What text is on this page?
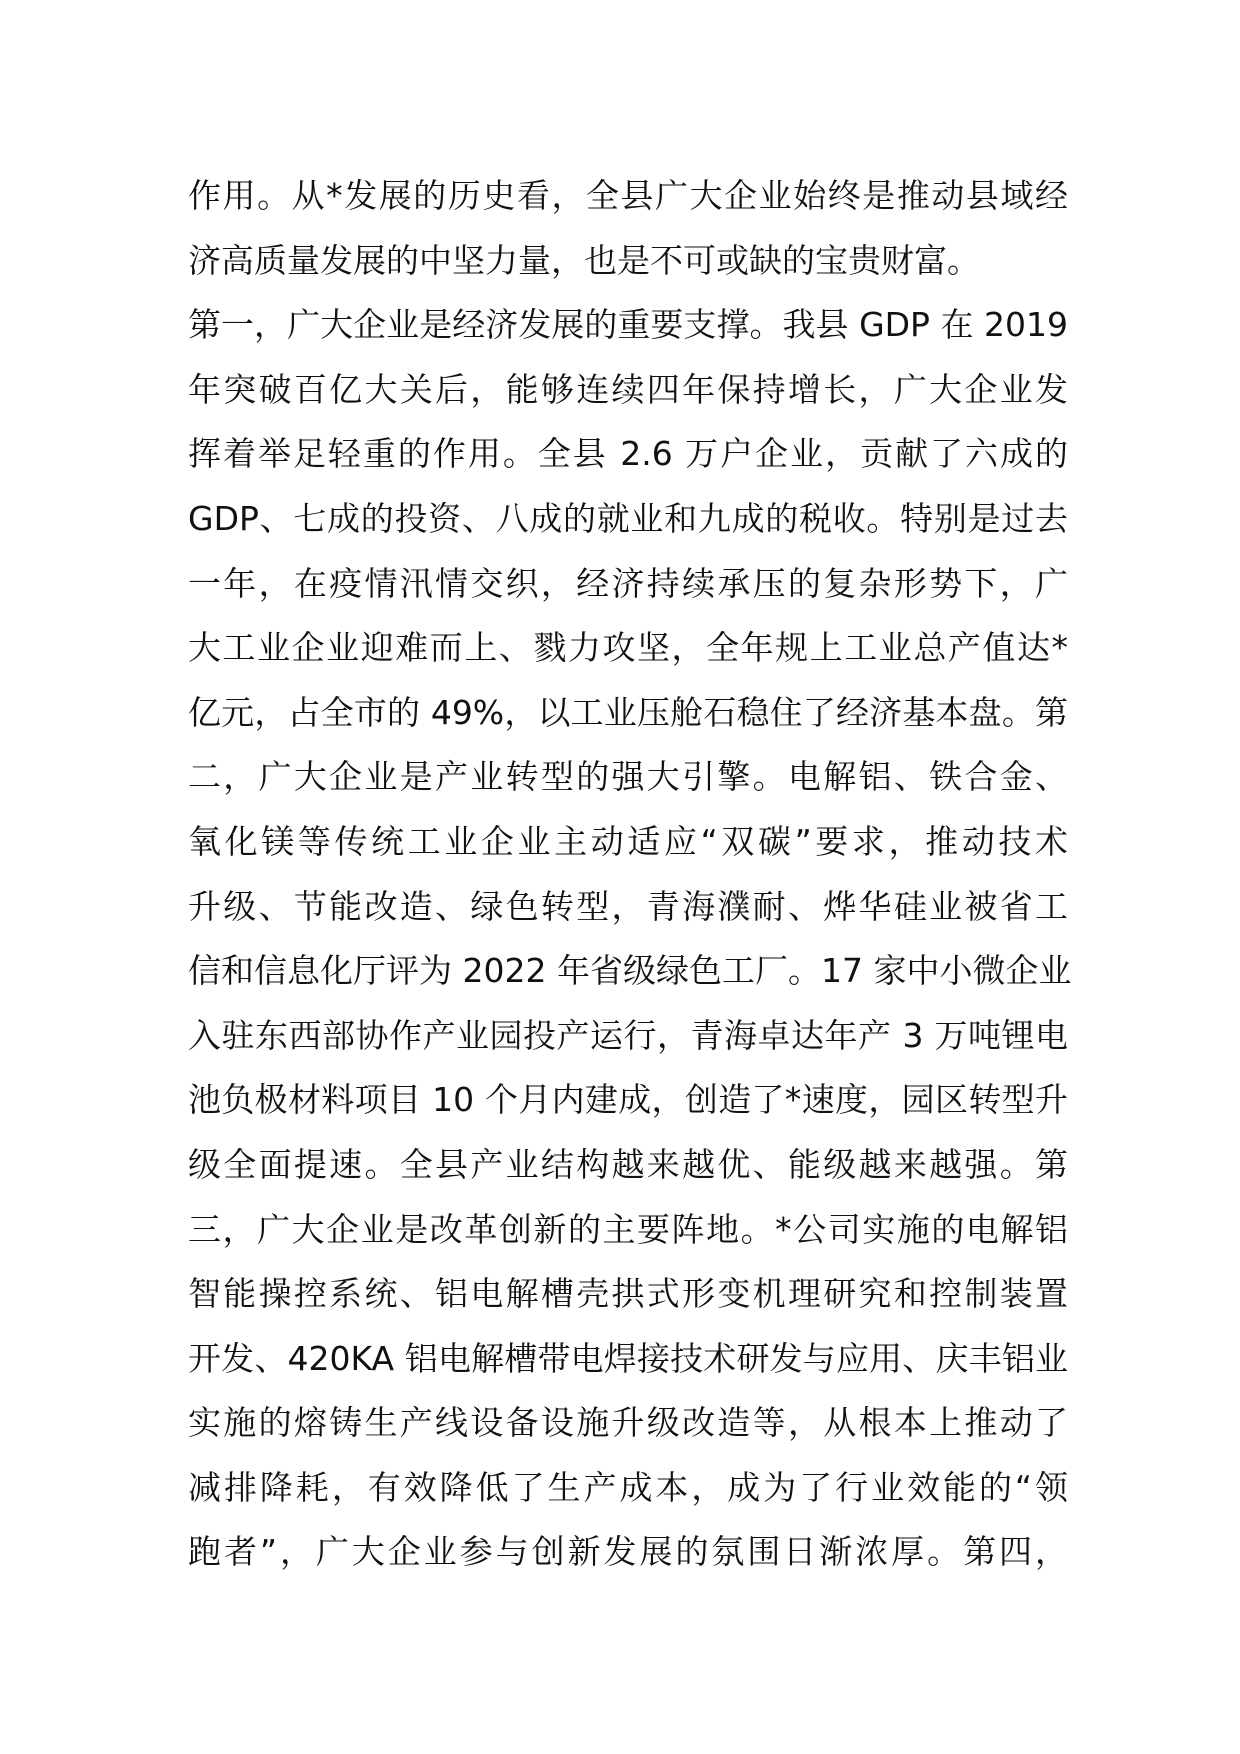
作用。从*发展的历史看，全县广大企业始终是推动县域经
济高质量发展的中坚力量，也是不可或缺的宝贵财富。
第一，广大企业是经济发展的重要支撑。我县 GDP 在 2019
年突破百亿大关后，能够连续四年保持增长，广大企业发
挥着举足轻重的作用。全县 2.6 万户企业，贡献了六成的
GDP、七成的投资、八成的就业和九成的税收。特别是过去
一年，在疫情汛情交织，经济持续承压的复杂形势下，广
大工业企业迎难而上、戮力攻坚，全年规上工业总产值达*
亿元，占全市的 49%，以工业压舱石稳住了经济基本盘。第
二，广大企业是产业转型的强大引擎。电解铝、铁合金、
氧化镁等传统工业企业主动适应“双碳”要求，推动技术
升级、节能改造、绿色转型，青海濮耐、烨华硅业被省工
信和信息化厅评为 2022 年省级绿色工厂。17 家中小微企业
入驻东西部协作产业园投产运行，青海卓达年产 3 万吨锂电
池负极材料项目 10 个月内建成，创造了*速度，园区转型升
级全面提速。全县产业结构越来越优、能级越来越强。第
三，广大企业是改革创新的主要阵地。*公司实施的电解铝
智能操控系统、铝电解槽壳拱式形变机理研究和控制装置
开发、420KA 铝电解槽带电焊接技术研发与应用、庆丰铝业
实施的熔铸生产线设备设施升级改造等，从根本上推动了
减排降耗，有效降低了生产成本，成为了行业效能的“领
跑者”，广大企业参与创新发展的氛围日渐浓厚。第四，
